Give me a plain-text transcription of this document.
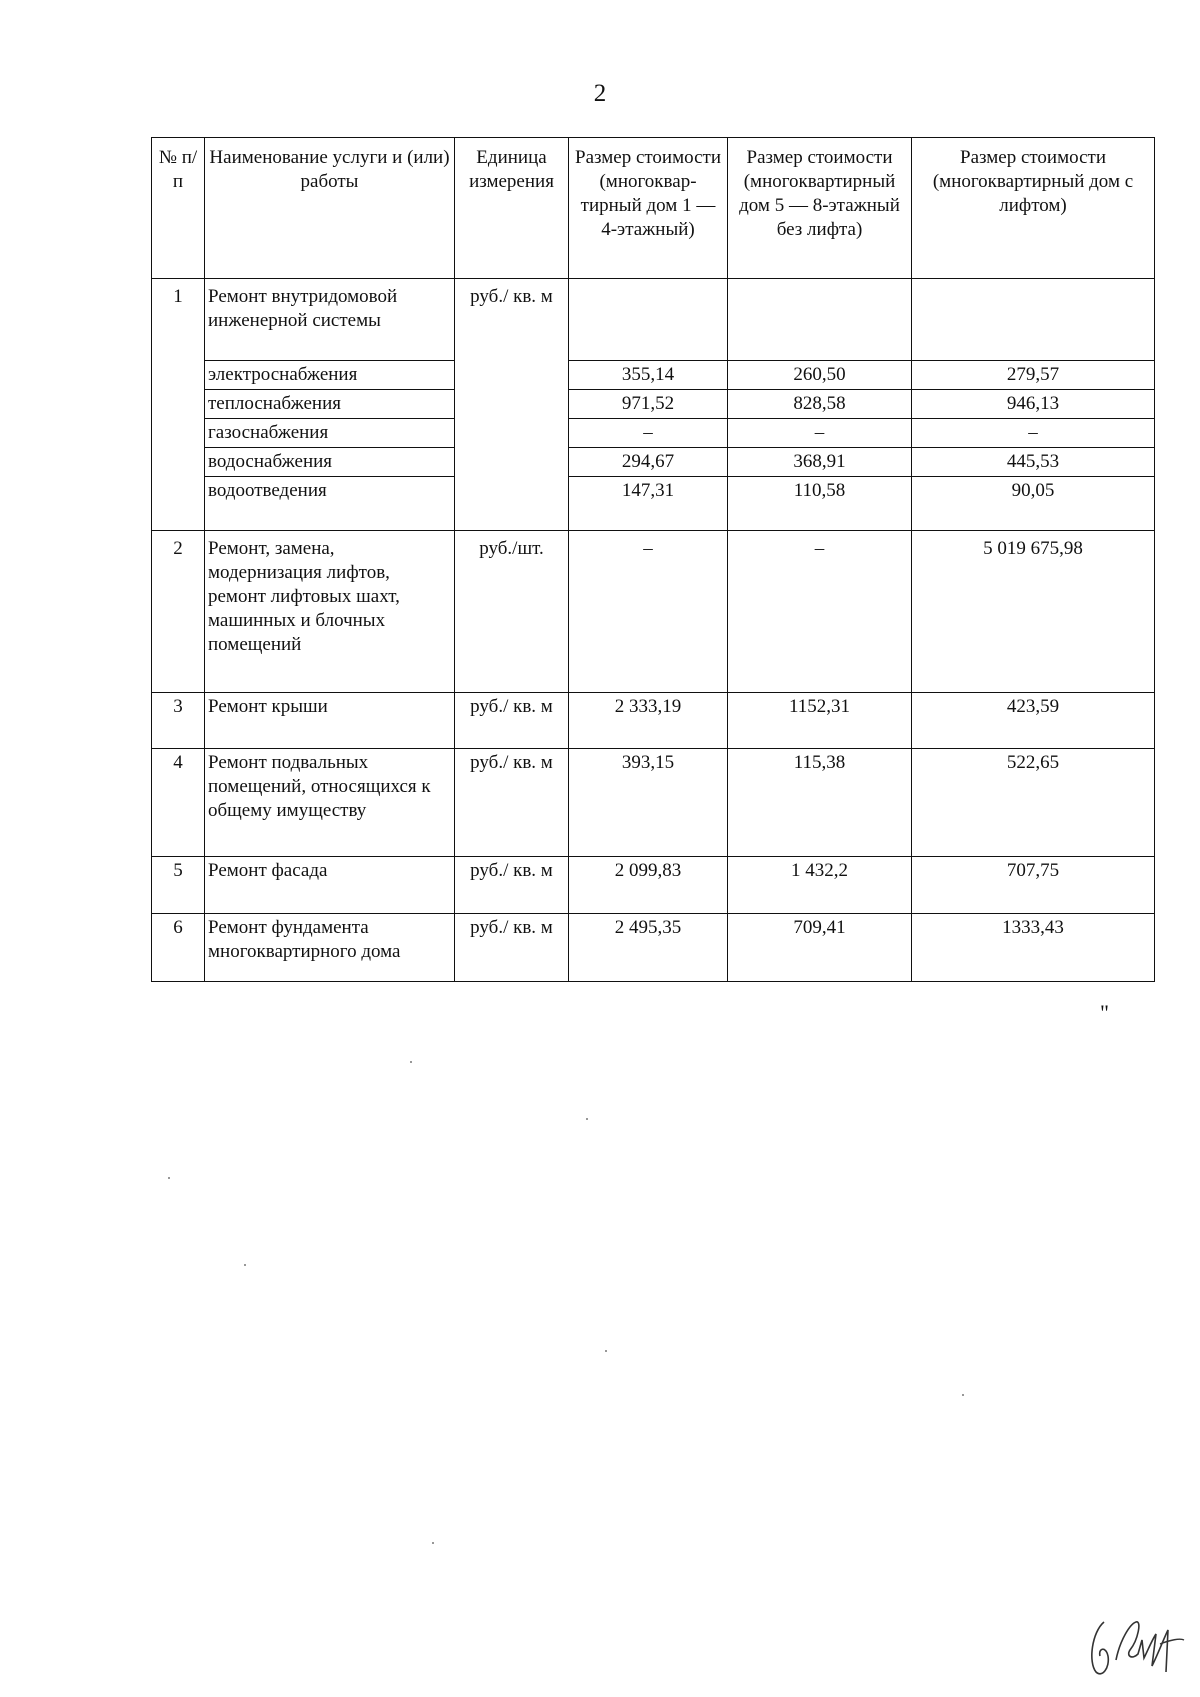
2
№ п/п	Наименование услуги и (или) работы	Единица измерения	Размер стоимости (многоквар-тирный дом 1 — 4-этажный)	Размер стоимости (многоквартирный дом 5 — 8-этажный без лифта)	Размер стоимости (многоквартирный дом с лифтом)
1	Ремонт внутридомовой инженерной системы	руб./ кв. м			
	электроснабжения		355,14	260,50	279,57
	теплоснабжения		971,52	828,58	946,13
	газоснабжения		–	–	–
	водоснабжения		294,67	368,91	445,53
	водоотведения		147,31	110,58	90,05
2	Ремонт, замена, модернизация лифтов, ремонт лифтовых шахт, машинных и блочных помещений	руб./шт.	–	–	5 019 675,98
3	Ремонт крыши	руб./ кв. м	2 333,19	1152,31	423,59
4	Ремонт подвальных помещений, относящихся к общему имуществу	руб./ кв. м	393,15	115,38	522,65
5	Ремонт фасада	руб./ кв. м	2 099,83	1 432,2	707,75
6	Ремонт фундамента многоквартирного дома	руб./ кв. м	2 495,35	709,41	1333,43
"
